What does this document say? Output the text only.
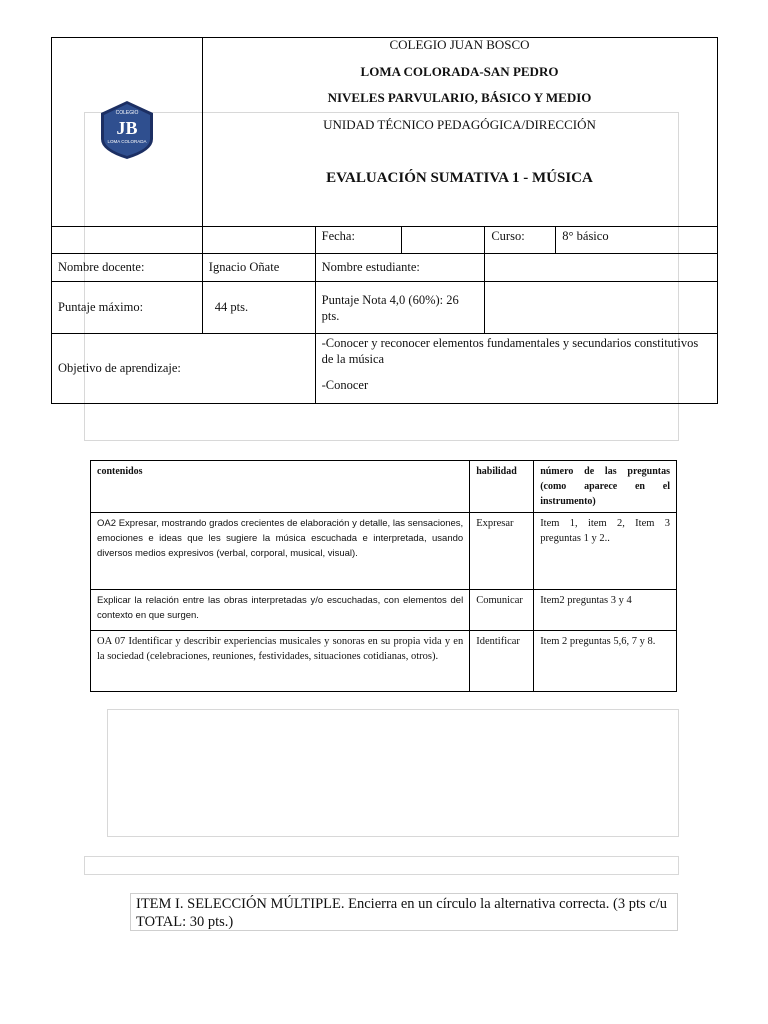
COLEGIO
JB
LOMA COLORADA					

		Fecha:		Curso:	8° básico
Nombre docente:	Ignacio Oñate	Nombre estudiante:			
Puntaje máximo:	44 pts.	Puntaje Nota 4,0 (60%): 26 pts.			
Objetivo de aprendizaje:		-Conocer y reconocer elementos fundamentales y secundarios constitutivos de la música
-Conocer			
COLEGIO JUAN BOSCO
LOMA COLORADA-SAN PEDRO
NIVELES PARVULARIO, BÁSICO Y MEDIO
UNIDAD TÉCNICO PEDAGÓGICA/DIRECCIÓN
EVALUACIÓN SUMATIVA 1 - MÚSICA
contenidos	habilidad	número de las preguntas (como aparece en el instrumento)
OA2 Expresar, mostrando grados crecientes de elaboración y detalle, las sensaciones, emociones e ideas que les sugiere la música escuchada e interpretada, usando diversos medios expresivos (verbal, corporal, musical, visual).	Expresar	Item 1, item 2, Item 3 preguntas 1 y 2..
Explicar la relación entre las obras interpretadas y/o escuchadas, con elementos del contexto en que surgen.	Comunicar	Item2 preguntas 3 y 4
OA 07 Identificar y describir experiencias musicales y sonoras en su propia vida y en la sociedad (celebraciones, reuniones, festividades, situaciones cotidianas, otros).	Identificar	Item 2 preguntas 5,6, 7 y 8.
ITEM I. SELECCIÓN MÚLTIPLE. Encierra en un círculo la alternativa correcta. (3 pts c/u TOTAL: 30 pts.)
